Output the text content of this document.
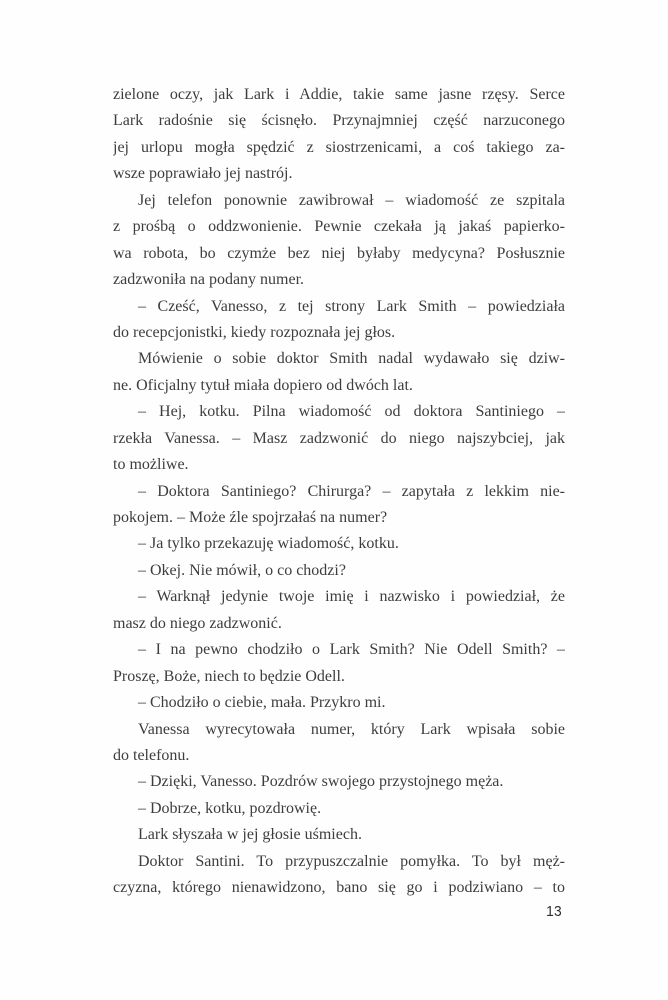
zielone oczy, jak Lark i Addie, takie same jasne rzęsy. Serce
Lark radośnie się ścisnęło. Przynajmniej część narzuconego
jej urlopu mogła spędzić z siostrzenicami, a coś takiego za-
wsze poprawiało jej nastrój.
Jej telefon ponownie zawibrował – wiadomość ze szpitala
z prośbą o oddzwonienie. Pewnie czekała ją jakaś papierko-
wa robota, bo czymże bez niej byłaby medycyna? Posłusznie
zadzwoniła na podany numer.
– Cześć, Vanesso, z tej strony Lark Smith – powiedziała
do recepcjonistki, kiedy rozpoznała jej głos.
Mówienie o sobie doktor Smith nadal wydawało się dziw-
ne. Oficjalny tytuł miała dopiero od dwóch lat.
– Hej, kotku. Pilna wiadomość od doktora Santiniego –
rzekła Vanessa. – Masz zadzwonić do niego najszybciej, jak
to możliwe.
– Doktora Santiniego? Chirurga? – zapytała z lekkim nie-
pokojem. – Może źle spojrzałaś na numer?
– Ja tylko przekazuję wiadomość, kotku.
– Okej. Nie mówił, o co chodzi?
– Warknął jedynie twoje imię i nazwisko i powiedział, że
masz do niego zadzwonić.
– I na pewno chodziło o Lark Smith? Nie Odell Smith? –
Proszę, Boże, niech to będzie Odell.
– Chodziło o ciebie, mała. Przykro mi.
Vanessa wyrecytowała numer, który Lark wpisała sobie
do telefonu.
– Dzięki, Vanesso. Pozdrów swojego przystojnego męża.
– Dobrze, kotku, pozdrowię.
Lark słyszała w jej głosie uśmiech.
Doktor Santini. To przypuszczalnie pomyłka. To był męż-
czyzna, którego nienawidzono, bano się go i podziwiano – to
13
